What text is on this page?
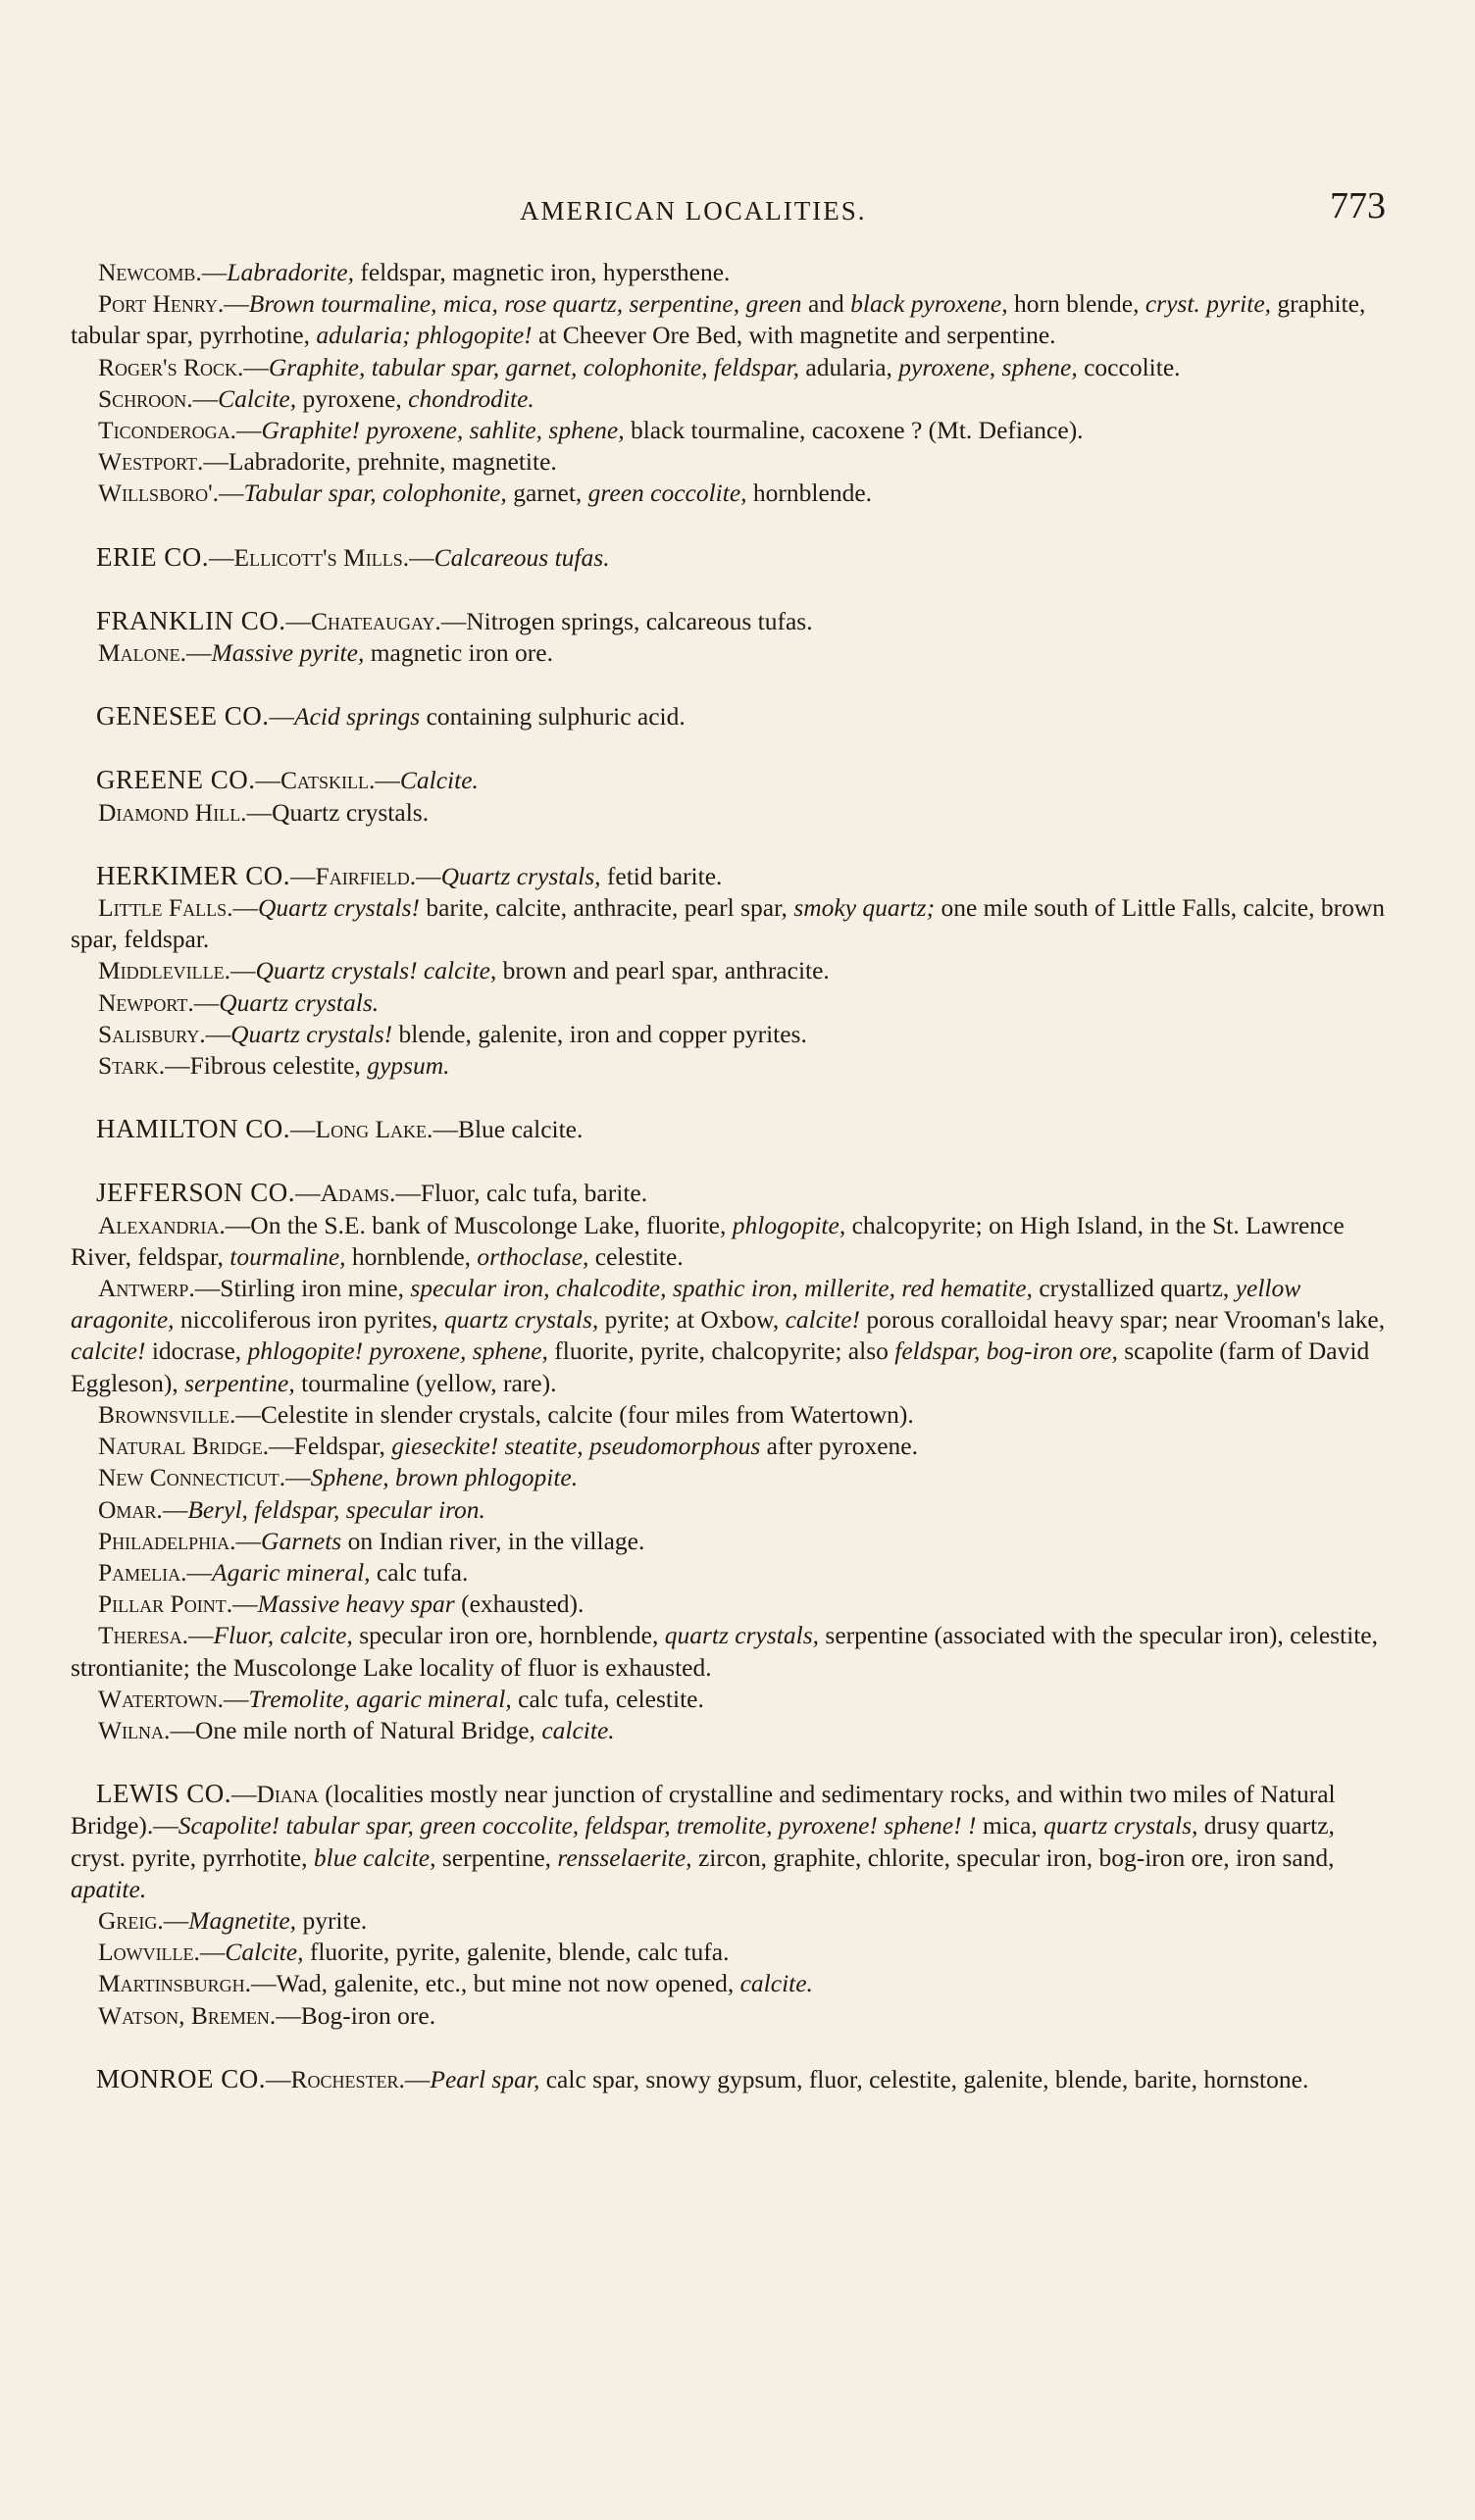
AMERICAN LOCALITIES.	773
Newcomb.—Labradorite, feldspar, magnetic iron, hypersthene.
Port Henry.—Brown tourmaline, mica, rose quartz, serpentine, green and black pyroxene, horn blende, cryst. pyrite, graphite, tabular spar, pyrrhotine, adularia; phlogopite! at Cheever Ore Bed, with magnetite and serpentine.
Roger's Rock.—Graphite, tabular spar, garnet, colophonite, feldspar, adularia, pyroxene, sphene, coccolite.
Schroon.—Calcite, pyroxene, chondrodite.
Ticonderoga.—Graphite! pyroxene, sahlite, sphene, black tourmaline, cacoxene ? (Mt. Defiance).
Westport.—Labradorite, prehnite, magnetite.
Willsboro'.—Tabular spar, colophonite, garnet, green coccolite, hornblende.
ERIE CO.—Ellicott's Mills.—Calcareous tufas.
FRANKLIN CO.—Chateaugay.—Nitrogen springs, calcareous tufas.
Malone.—Massive pyrite, magnetic iron ore.
GENESEE CO.—Acid springs containing sulphuric acid.
GREENE CO.—Catskill.—Calcite.
Diamond Hill.—Quartz crystals.
HERKIMER CO.—Fairfield.—Quartz crystals, fetid barite.
Little Falls.—Quartz crystals! barite, calcite, anthracite, pearl spar, smoky quartz; one mile south of Little Falls, calcite, brown spar, feldspar.
Middleville.—Quartz crystals! calcite, brown and pearl spar, anthracite.
Newport.—Quartz crystals.
Salisbury.—Quartz crystals! blende, galenite, iron and copper pyrites.
Stark.—Fibrous celestite, gypsum.
HAMILTON CO.—Long Lake.—Blue calcite.
JEFFERSON CO.—Adams.—Fluor, calc tufa, barite.
Alexandria.—On the S.E. bank of Muscolonge Lake, fluorite, phlogopite, chalcopyrite; on High Island, in the St. Lawrence River, feldspar, tourmaline, hornblende, orthoclase, celestite.
Antwerp.—Stirling iron mine, specular iron, chalcodite, spathic iron, millerite, red hematite, crystallized quartz, yellow aragonite, niccoliferous iron pyrites, quartz crystals, pyrite; at Oxbow, calcite! porous coralloidal heavy spar; near Vrooman's lake, calcite! idocrase, phlogopite! pyroxene, sphene, fluorite, pyrite, chalcopyrite; also feldspar, bog-iron ore, scapolite (farm of David Eggleson), serpentine, tourmaline (yellow, rare).
Brownsville.—Celestite in slender crystals, calcite (four miles from Watertown).
Natural Bridge.—Feldspar, gieseckite! steatite, pseudomorphous after pyroxene.
New Connecticut.—Sphene, brown phlogopite.
Omar.—Beryl, feldspar, specular iron.
Philadelphia.—Garnets on Indian river, in the village.
Pamelia.—Agaric mineral, calc tufa.
Pillar Point.—Massive heavy spar (exhausted).
Theresa.—Fluor, calcite, specular iron ore, hornblende, quartz crystals, serpentine (associated with the specular iron), celestite, strontianite; the Muscolonge Lake locality of fluor is exhausted.
Watertown.—Tremolite, agaric mineral, calc tufa, celestite.
Wilna.—One mile north of Natural Bridge, calcite.
LEWIS CO.—Diana (localities mostly near junction of crystalline and sedimentary rocks, and within two miles of Natural Bridge).—Scapolite! tabular spar, green coccolite, feldspar, tremolite, pyroxene! sphene! ! mica, quartz crystals, drusy quartz, cryst. pyrite, pyrrhotite, blue calcite, serpentine, rensselaerite, zircon, graphite, chlorite, specular iron, bog-iron ore, iron sand, apatite.
Greig.—Magnetite, pyrite.
Lowville.—Calcite, fluorite, pyrite, galenite, blende, calc tufa.
Martinsburgh.—Wad, galenite, etc., but mine not now opened, calcite.
Watson, Bremen.—Bog-iron ore.
MONROE CO.—Rochester.—Pearl spar, calc spar, snowy gypsum, fluor, celestite, galenite, blende, barite, hornstone.
